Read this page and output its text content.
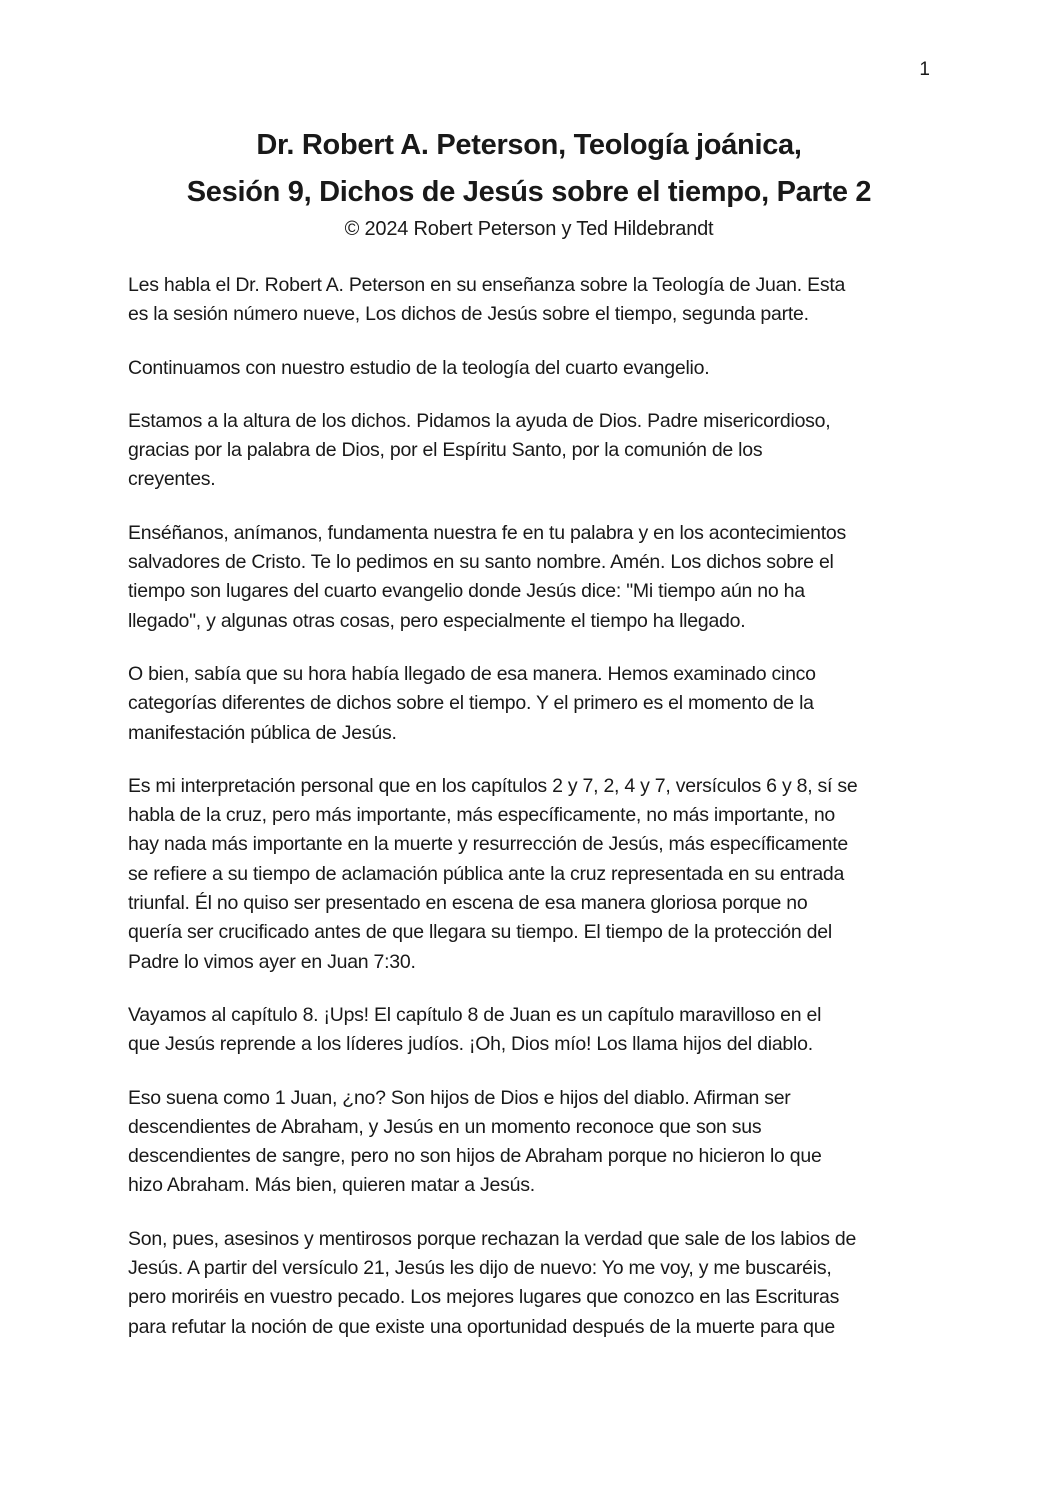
1
Dr. Robert A. Peterson, Teología joánica,
Sesión 9, Dichos de Jesús sobre el tiempo, Parte 2
© 2024 Robert Peterson y Ted Hildebrandt

Les habla el Dr. Robert A. Peterson en su enseñanza sobre la Teología de Juan. Esta
es la sesión número nueve, Los dichos de Jesús sobre el tiempo, segunda parte.

Continuamos con nuestro estudio de la teología del cuarto evangelio.

Estamos a la altura de los dichos. Pidamos la ayuda de Dios. Padre misericordioso,
gracias por la palabra de Dios, por el Espíritu Santo, por la comunión de los
creyentes.

Enséñanos, anímanos, fundamenta nuestra fe en tu palabra y en los acontecimientos
salvadores de Cristo. Te lo pedimos en su santo nombre. Amén. Los dichos sobre el
tiempo son lugares del cuarto evangelio donde Jesús dice: "Mi tiempo aún no ha
llegado", y algunas otras cosas, pero especialmente el tiempo ha llegado.

O bien, sabía que su hora había llegado de esa manera. Hemos examinado cinco
categorías diferentes de dichos sobre el tiempo. Y el primero es el momento de la
manifestación pública de Jesús.

Es mi interpretación personal que en los capítulos 2 y 7, 2, 4 y 7, versículos 6 y 8, sí se
habla de la cruz, pero más importante, más específicamente, no más importante, no
hay nada más importante en la muerte y resurrección de Jesús, más específicamente
se refiere a su tiempo de aclamación pública ante la cruz representada en su entrada
triunfal. Él no quiso ser presentado en escena de esa manera gloriosa porque no
quería ser crucificado antes de que llegara su tiempo. El tiempo de la protección del
Padre lo vimos ayer en Juan 7:30.

Vayamos al capítulo 8. ¡Ups! El capítulo 8 de Juan es un capítulo maravilloso en el
que Jesús reprende a los líderes judíos. ¡Oh, Dios mío! Los llama hijos del diablo.

Eso suena como 1 Juan, ¿no? Son hijos de Dios e hijos del diablo. Afirman ser
descendientes de Abraham, y Jesús en un momento reconoce que son sus
descendientes de sangre, pero no son hijos de Abraham porque no hicieron lo que
hizo Abraham. Más bien, quieren matar a Jesús.

Son, pues, asesinos y mentirosos porque rechazan la verdad que sale de los labios de
Jesús. A partir del versículo 21, Jesús les dijo de nuevo: Yo me voy, y me buscaréis,
pero moriréis en vuestro pecado. Los mejores lugares que conozco en las Escrituras
para refutar la noción de que existe una oportunidad después de la muerte para que
